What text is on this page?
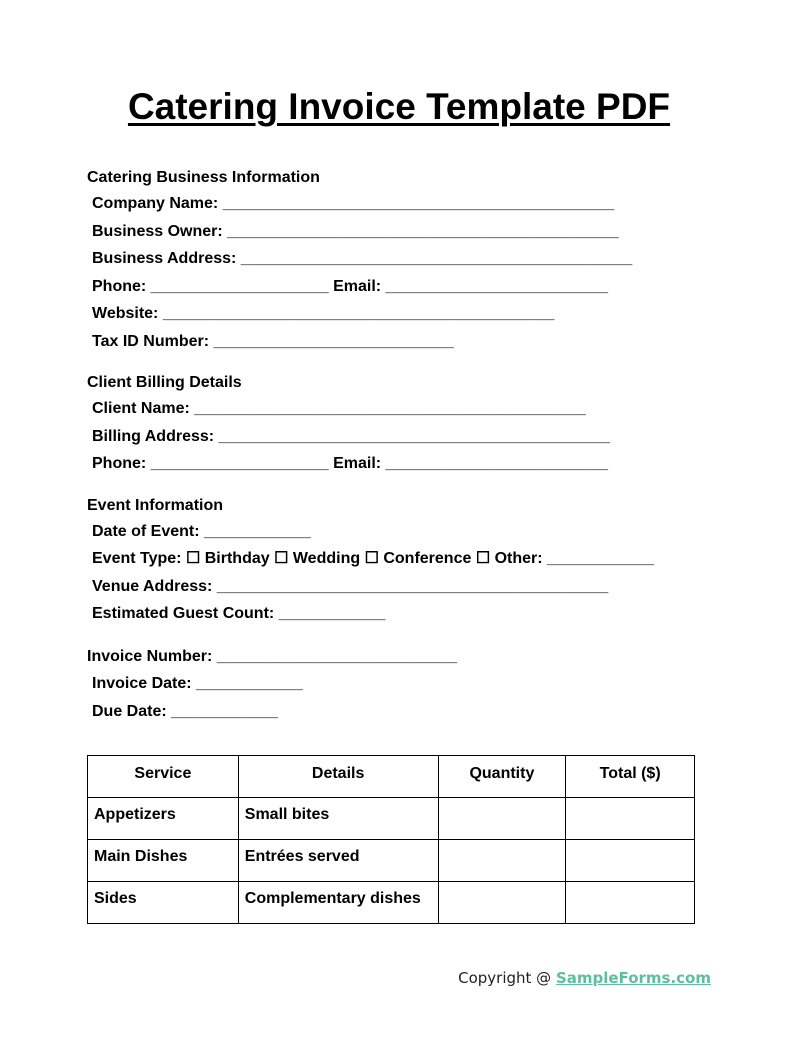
Catering Invoice Template PDF
Catering Business Information
Company Name: ____________________________________________
Business Owner: ____________________________________________
Business Address: ____________________________________________
Phone: ____________________ Email: _________________________
Website: ____________________________________________
Tax ID Number: ___________________________
Client Billing Details
Client Name: ____________________________________________
Billing Address: ____________________________________________
Phone: ____________________ Email: _________________________
Event Information
Date of Event: ____________
Event Type: ☐ Birthday ☐ Wedding ☐ Conference ☐ Other: ____________
Venue Address: ____________________________________________
Estimated Guest Count: ____________
Invoice Number: ___________________________
Invoice Date: ____________
Due Date: ____________
Service	Details	Quantity	Total ($)
Appetizers	Small bites		
Main Dishes	Entrées served		
Sides	Complementary dishes		
Copyright @ SampleForms.com
